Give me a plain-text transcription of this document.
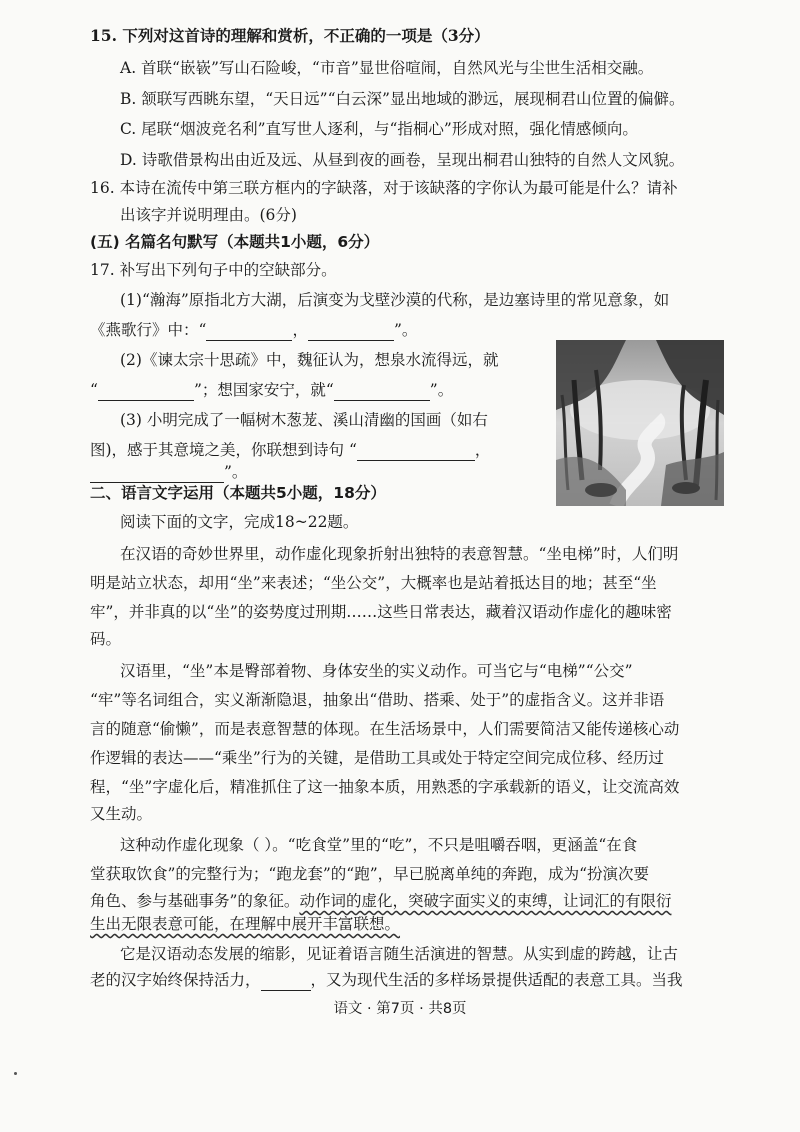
15. 下列对这首诗的理解和赏析，不正确的一项是（3分）
A. 首联“嵌嵚”写山石险峻，“市音”显世俗喧闹，自然风光与尘世生活相交融。
B. 颔联写西眺东望，“天日远”“白云深”显出地域的渺远，展现桐君山位置的偏僻。
C. 尾联“烟波竞名利”直写世人逐利，与“指桐心”形成对照，强化情感倾向。
D. 诗歌借景构出由近及远、从昼到夜的画卷，呈现出桐君山独特的自然人文风貌。
16. 本诗在流传中第三联方框内的字缺落，对于该缺落的字你认为最可能是什么？请补
出该字并说明理由。(6分)
(五) 名篇名句默写（本题共1小题，6分）
17. 补写出下列句子中的空缺部分。
(1)“瀚海”原指北方大湖，后演变为戈壁沙漠的代称，是边塞诗里的常见意象，如
《燕歌行》中：“	，	”。
(2)《谏太宗十思疏》中，魏征认为，想泉水流得远，就
“	”；想国家安宁，就“	”。
(3) 小明完成了一幅树木葱茏、溪山清幽的国画（如右
图)，感于其意境之美，你联想到诗句 “	，
”。
二、语言文字运用（本题共5小题，18分）
阅读下面的文字，完成18~22题。
在汉语的奇妙世界里，动作虚化现象折射出独特的表意智慧。“坐电梯”时，人们明
明是站立状态，却用“坐”来表述；“坐公交”，大概率也是站着抵达目的地；甚至“坐
牢”，并非真的以“坐”的姿势度过刑期……这些日常表达，藏着汉语动作虚化的趣味密
码。
汉语里，“坐”本是臀部着物、身体安坐的实义动作。可当它与“电梯”“公交”
“牢”等名词组合，实义渐渐隐退，抽象出“借助、搭乘、处于”的虚指含义。这并非语
言的随意“偷懒”，而是表意智慧的体现。在生活场景中，人们需要简洁又能传递核心动
作逻辑的表达——“乘坐”行为的关键，是借助工具或处于特定空间完成位移、经历过
程，“坐”字虚化后，精准抓住了这一抽象本质，用熟悉的字承载新的语义，让交流高效
又生动。
这种动作虚化现象（ ）。“吃食堂”里的“吃”，不只是咀嚼吞咽，更涵盖“在食
堂获取饮食”的完整行为；“跑龙套”的“跑”，早已脱离单纯的奔跑，成为“扮演次要
角色、参与基础事务”的象征。动作词的虚化，突破字面实义的束缚，让词汇的有限衍
生出无限表意可能，在理解中展开丰富联想。
它是汉语动态发展的缩影，见证着语言随生活演进的智慧。从实到虚的跨越，让古
老的汉字始终保持活力，	，又为现代生活的多样场景提供适配的表意工具。当我
语文 · 第7页 · 共8页
